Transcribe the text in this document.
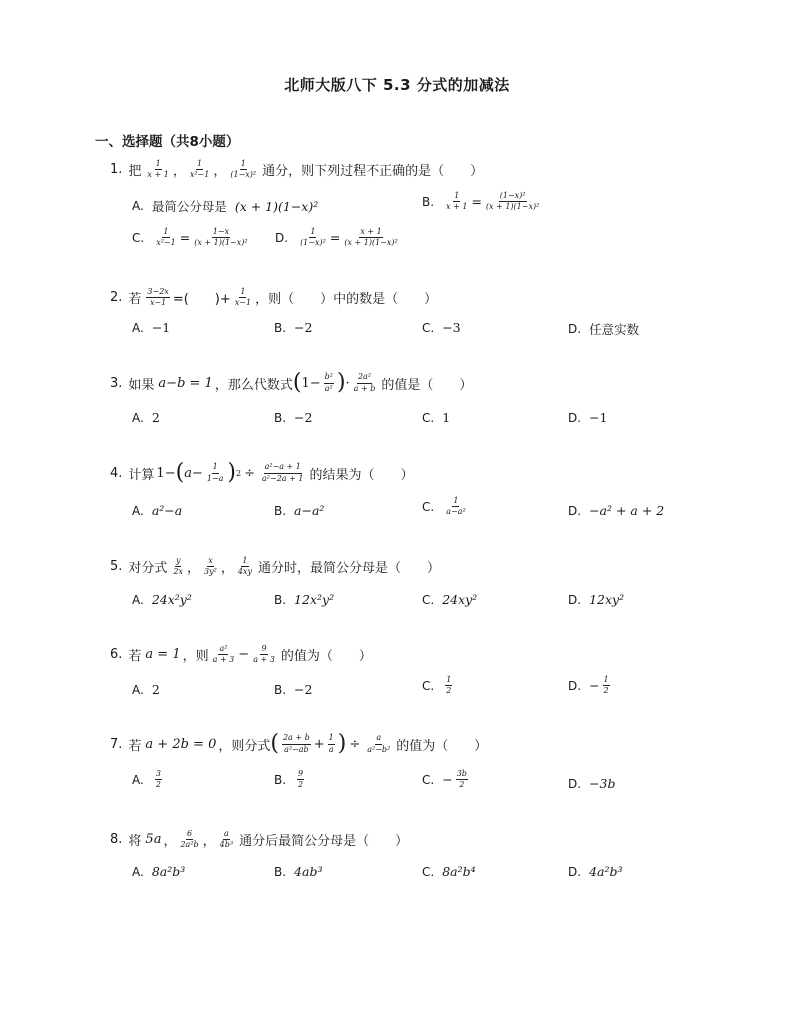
北师大版八下 5.3 分式的加减法
一、选择题（共8小题）
1. 把 $\frac{1}{x + 1}$ ， $\frac{1}{\text{x²−1}}$ ， $\frac{1}{\text{(1−x)²}}$ 通分，则下列过程不正确的是（　　）
A. 最简公分母是 (x + 1)(1−x)²	B. $\frac{1}{x + 1} = \frac{\text{(1−x)²}}{\text{(x + 1)(1−x)²}}$
C. $\frac{1}{\text{x²−1}} = \frac{1-x}{\text{(x + 1)(1−x)²}} D$. $\frac{1}{\text{(1−x)²}} = \frac{x + 1}{\text{(x + 1)(1−x)²}}$
2. 若 $\frac{3-2x}{x-1}$ =(　　)+ $\frac{1}{x-1}$ ，则（　　）中的数是（　　）
A. −1	B. −2	C. −3	D. 任意实数
3. 如果 a−b = 1 ，那么代数式 ( $1- \frac{\text{b²}}{\text{a²}}$ ) · $\frac{\text{2a²}}{a + b}$ 的值是（　　）
A. 2	B. −2	C. 1	D. −1
4. 计算 1− ( $a - \frac{1}{1-a}$ ) $2 \div \frac{\text{a²−a + 1}}{\text{a²−2a + 1}}$ 的结果为（　　）
A. a²−a	B. a−a²	C. $\frac{1}{\text{a−a²}}$	D. −a² + a + 2
5. 对分式 $\frac{y}{2x}$ ， $\frac{x}{\text{3y²}}$ ， $\frac{1}{4xy}$ 通分时，最简公分母是（　　）
A. 24x²y²	B. 12x²y²	C. 24xy²	D. 12xy²
6. 若 a = 1 ，则 $\frac{\text{a²}}{a + 3} - \frac{9}{a + 3}$ 的值为（　　）
A. 2	B. −2	C. $\frac{1}{2}$	D. − $\frac{1}{2}$
7. 若 a + 2b = 0 ，则分式 ( $\frac{2a + b}{\text{a²−ab}} + \frac{1}{a}$ ) ÷ $\frac{a}{\text{a²−b²}}$ 的值为（　　）
A. $\frac{3}{2}$	B. $\frac{9}{2}$	C. − $\frac{3b}{2}$	D. −3b
8. 将 5a ， $\frac{6}{\text{2a²b}}$ ， $\frac{a}{\text{4b³}}$ 通分后最简公分母是（　　）
A. 8a²b³	B. 4ab³	C. 8a²b⁴	D. 4a²b³
